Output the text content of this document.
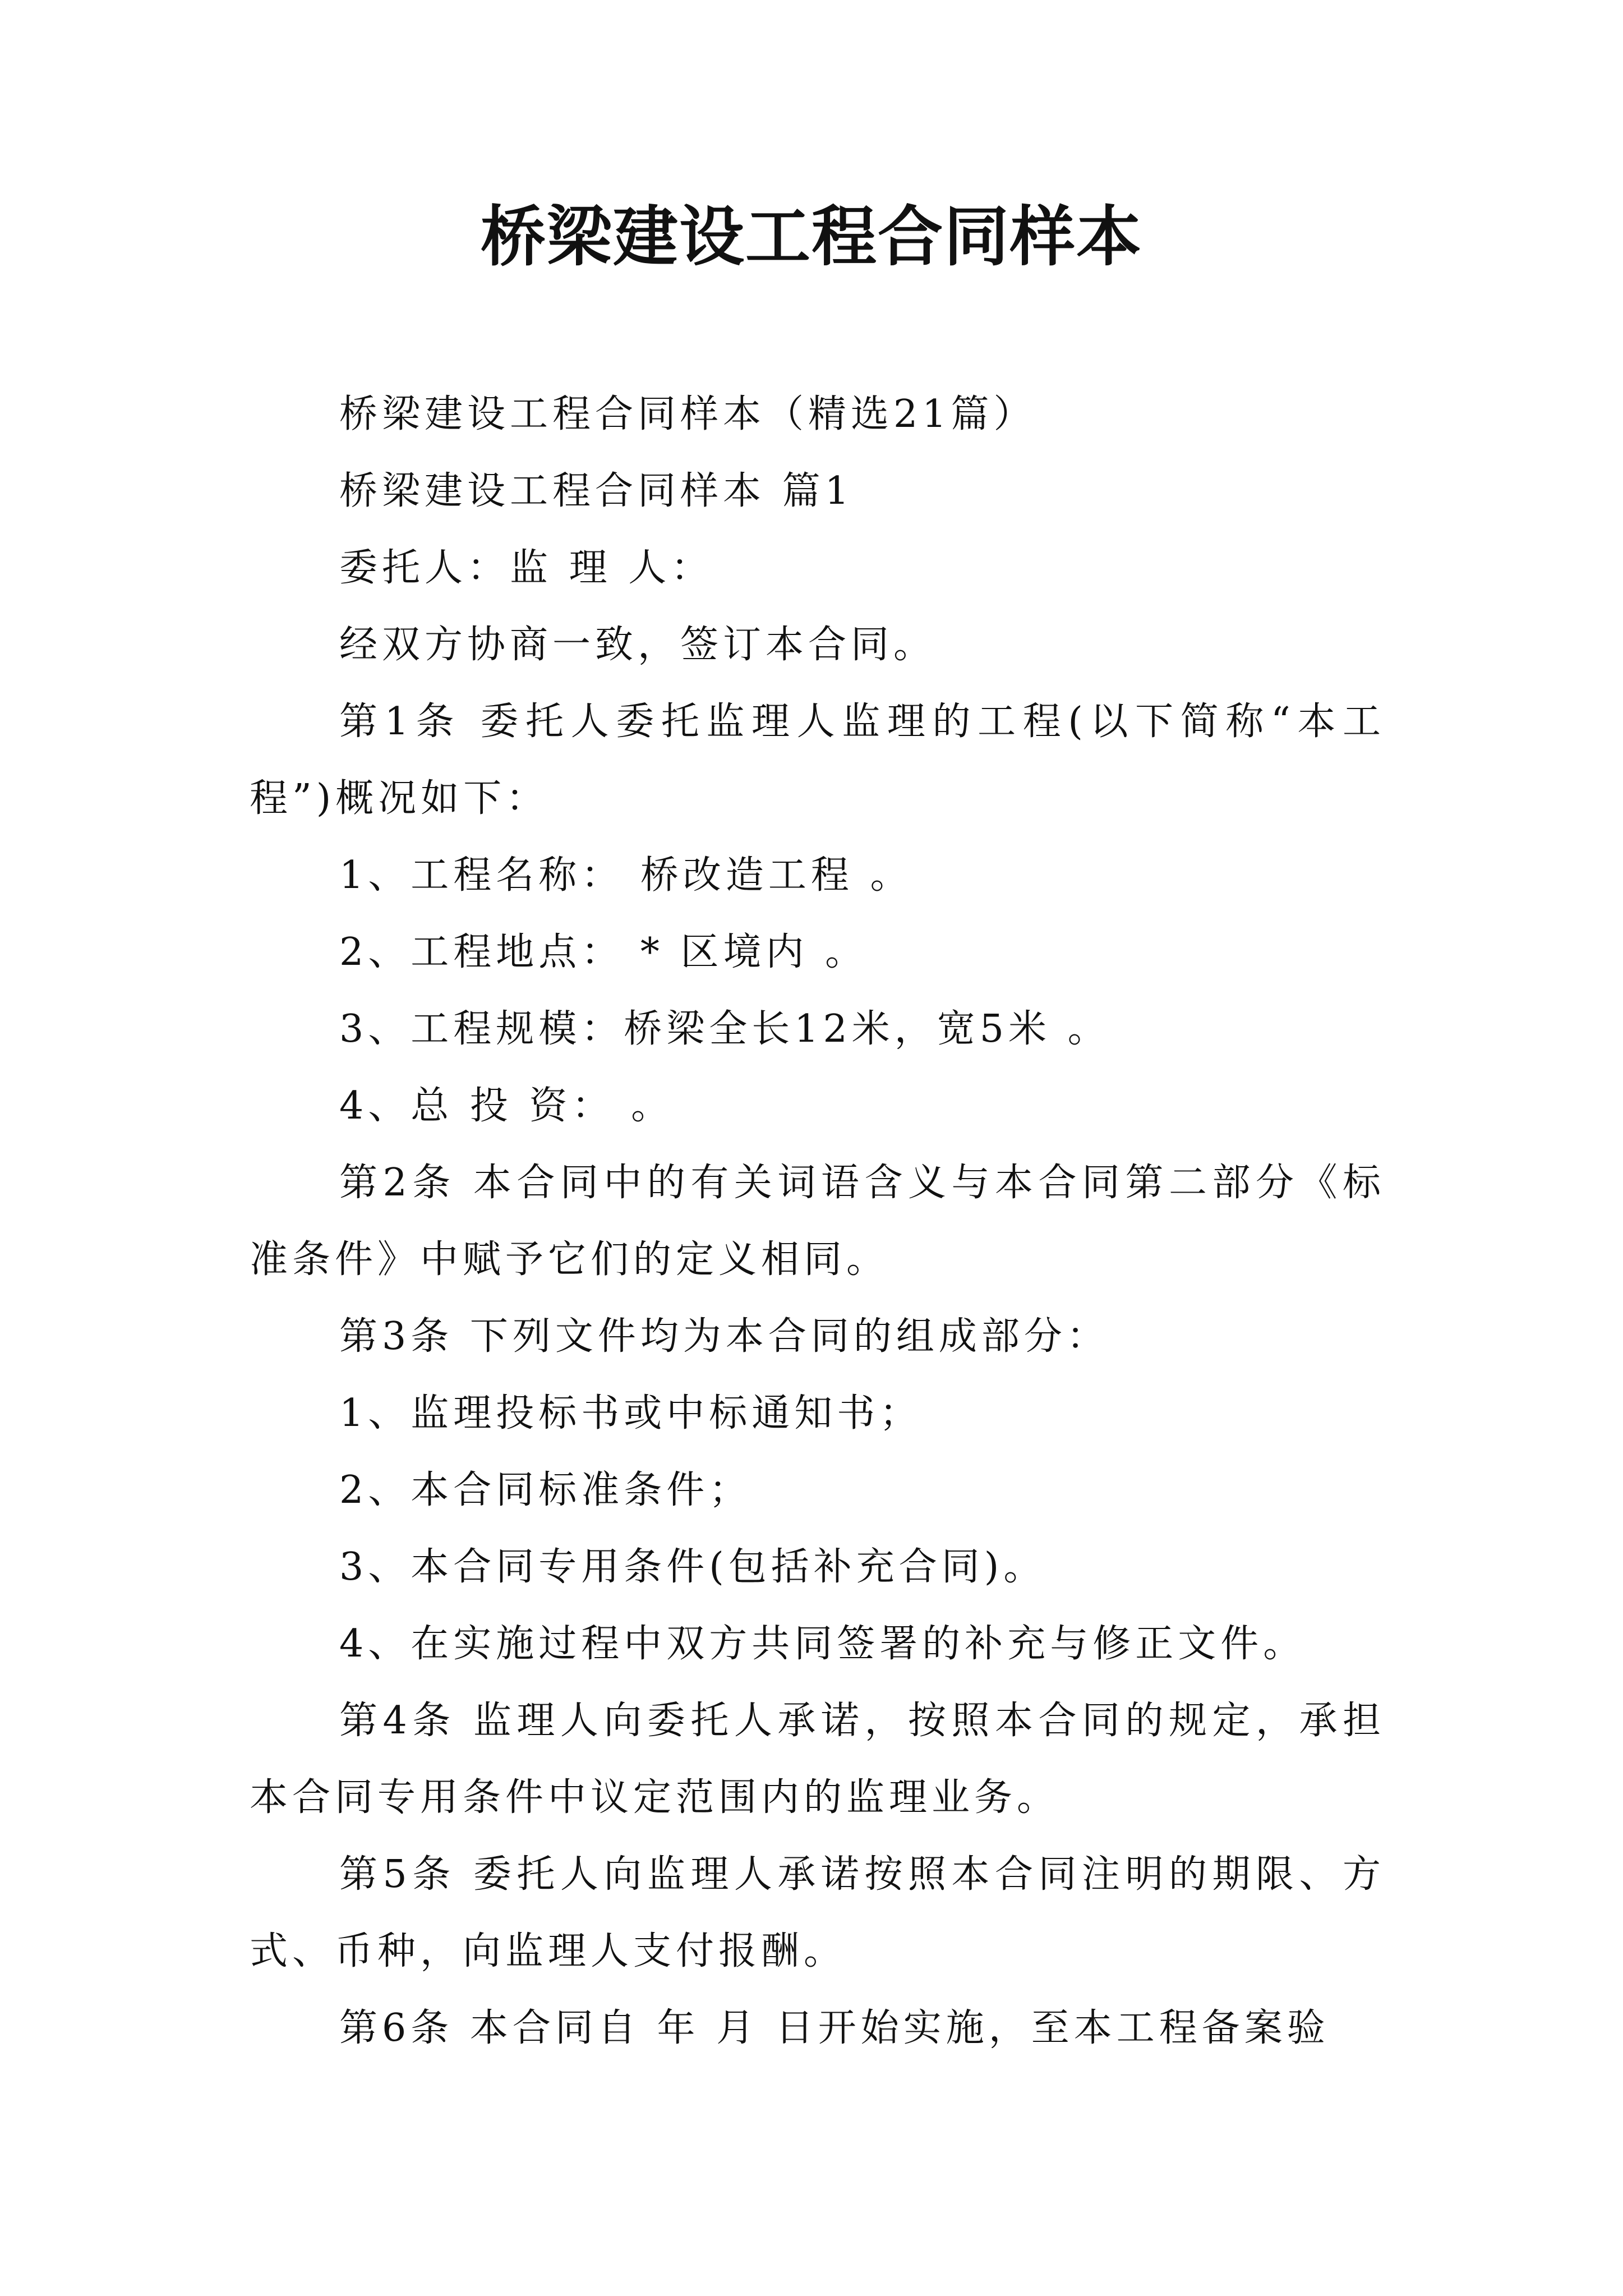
桥梁建设工程合同样本

桥梁建设工程合同样本（精选21篇）

桥梁建设工程合同样本 篇1

委托人：监 理 人：

经双方协商一致，签订本合同。

第1条 委托人委托监理人监理的工程(以下简称“本工程”)概况如下：

1、工程名称： 桥改造工程 。

2、工程地点： * 区境内 。

3、工程规模：桥梁全长12米，宽5米 。

4、总 投 资： 。

第2条 本合同中的有关词语含义与本合同第二部分《标准条件》中赋予它们的定义相同。

第3条 下列文件均为本合同的组成部分：

1、监理投标书或中标通知书；

2、本合同标准条件；

3、本合同专用条件(包括补充合同)。

4、在实施过程中双方共同签署的补充与修正文件。

第4条 监理人向委托人承诺，按照本合同的规定，承担本合同专用条件中议定范围内的监理业务。

第5条 委托人向监理人承诺按照本合同注明的期限、方式、币种，向监理人支付报酬。

第6条 本合同自 年 月 日开始实施，至本工程备案验
